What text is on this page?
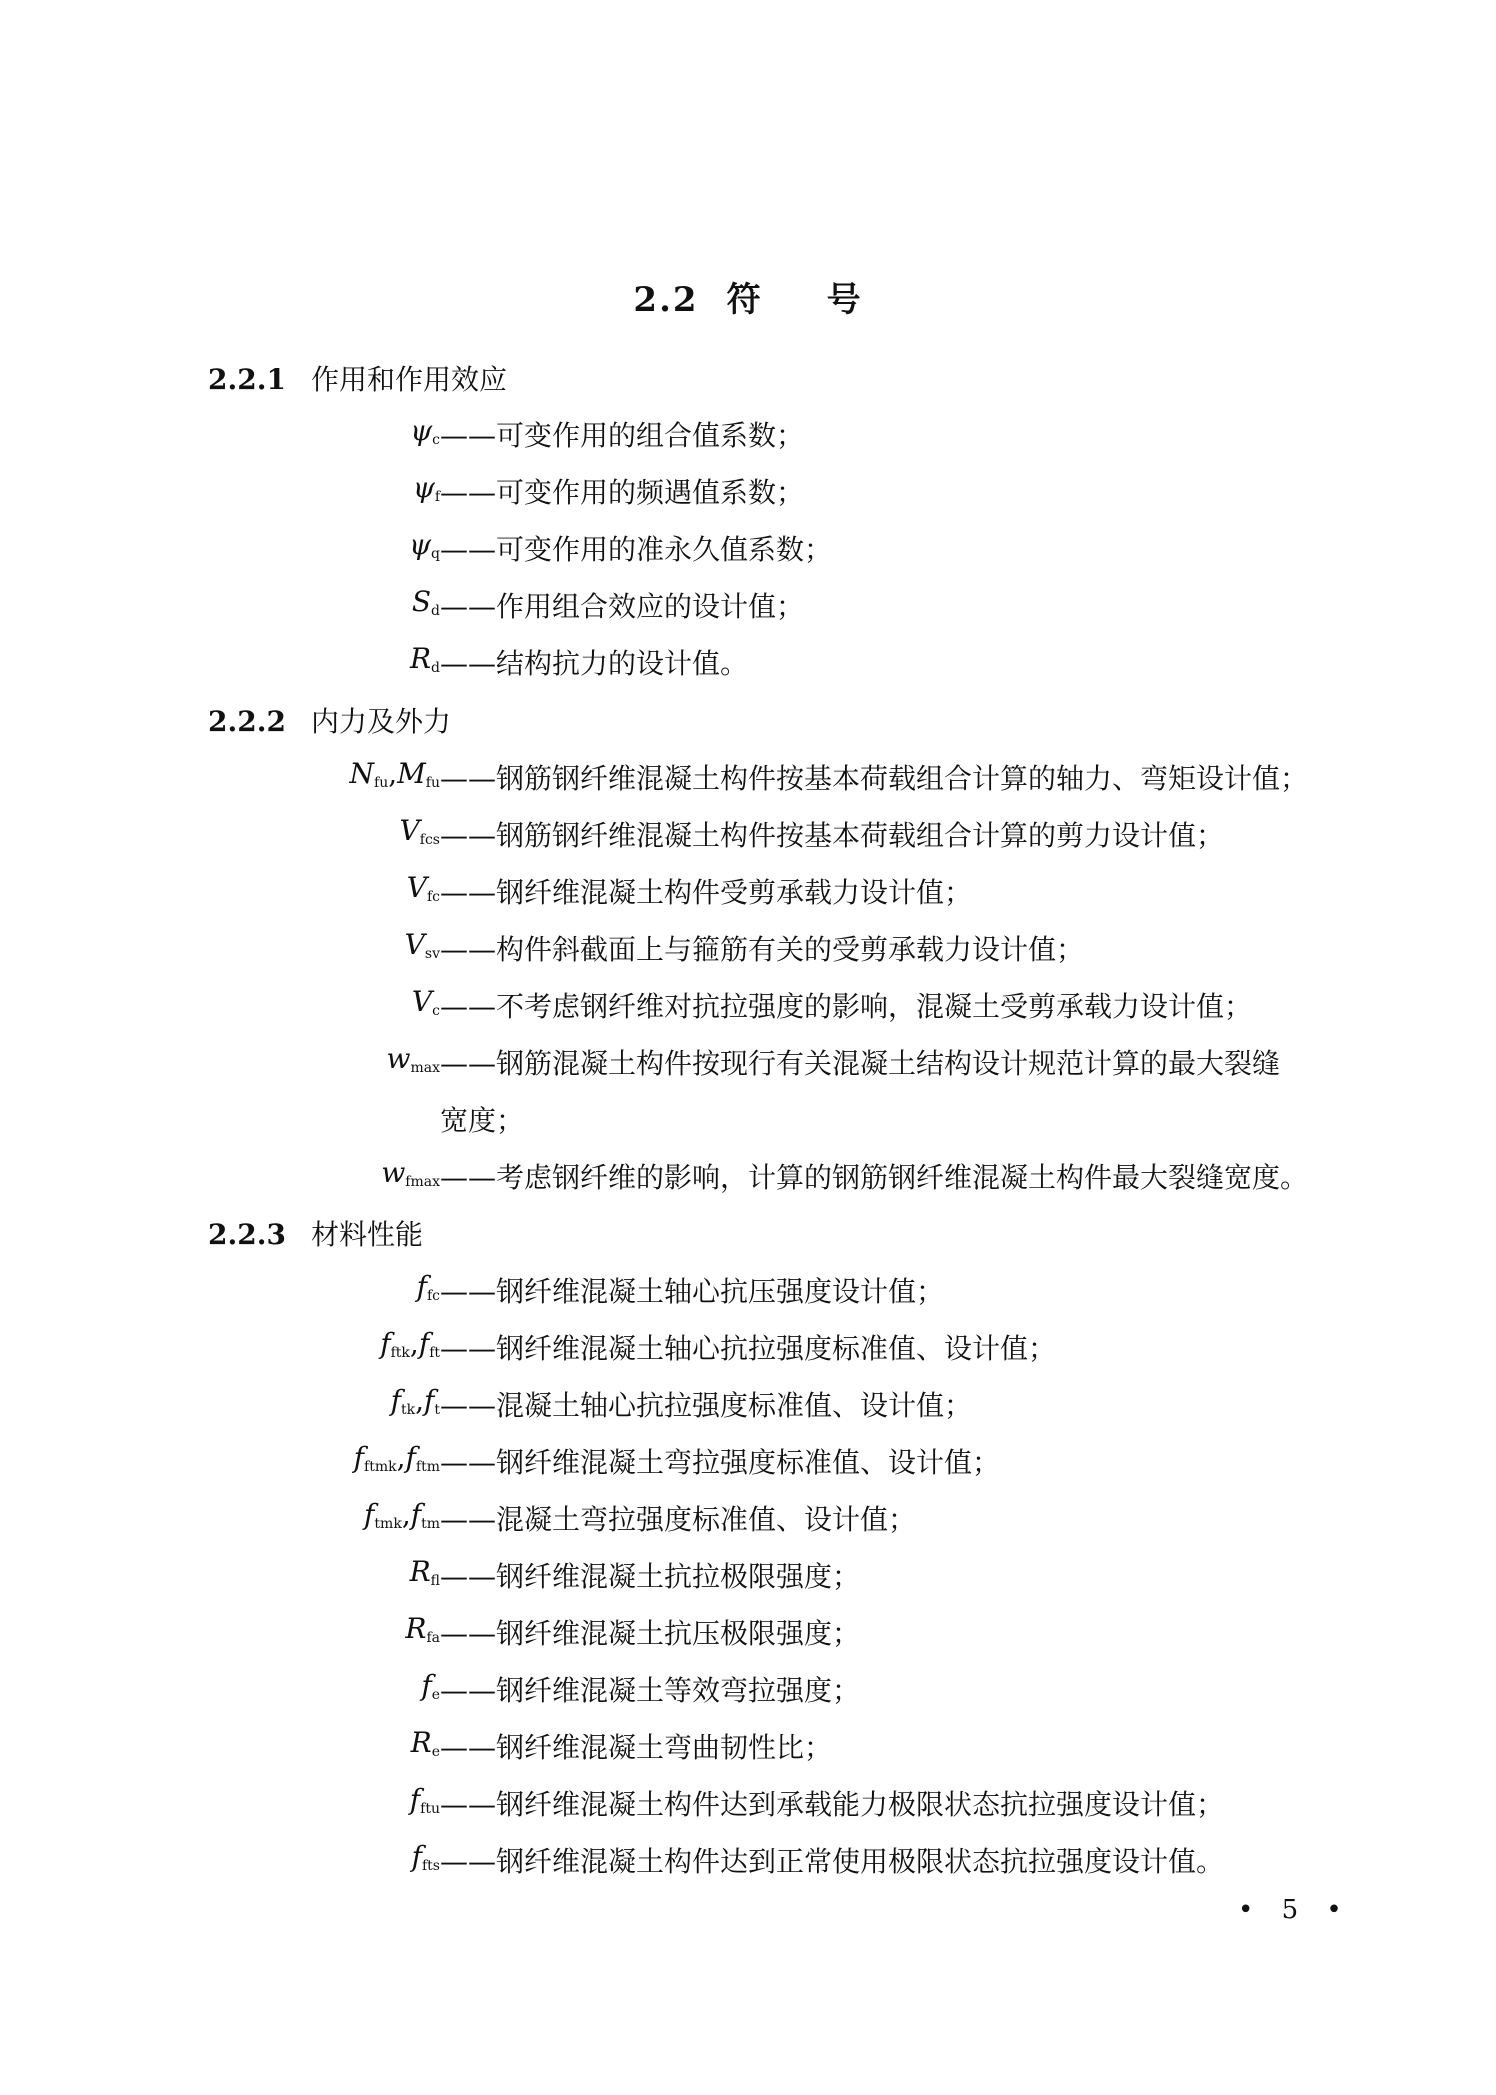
2.2 符 号
2.2.1 作用和作用效应
$\psi_c$ ——可变作用的组合值系数；
$\psi_f$ ——可变作用的频遇值系数；
$\psi_q$ ——可变作用的准永久值系数；
$S_d$ ——作用组合效应的设计值；
$R_d$ ——结构抗力的设计值。
2.2.2 内力及外力
$N_{fu},M_{fu}$ ——钢筋钢纤维混凝土构件按基本荷载组合计算的轴力、弯矩设计值；
$V_{fcs}$ ——钢筋钢纤维混凝土构件按基本荷载组合计算的剪力设计值；
$V_{fc}$ ——钢纤维混凝土构件受剪承载力设计值；
$V_{sv}$ ——构件斜截面上与箍筋有关的受剪承载力设计值；
$V_c$ ——不考虑钢纤维对抗拉强度的影响，混凝土受剪承载力设计值；
$w_{max}$ ——钢筋混凝土构件按现行有关混凝土结构设计规范计算的最大裂缝
宽度；
$w_{fmax}$ ——考虑钢纤维的影响，计算的钢筋钢纤维混凝土构件最大裂缝宽度。
2.2.3 材料性能
$f_{fc}$ ——钢纤维混凝土轴心抗压强度设计值；
$f_{ftk},f_{ft}$ ——钢纤维混凝土轴心抗拉强度标准值、设计值；
$f_{tk},f_t$ ——混凝土轴心抗拉强度标准值、设计值；
$f_{ftmk},f_{ftm}$ ——钢纤维混凝土弯拉强度标准值、设计值；
$f_{tmk},f_{tm}$ ——混凝土弯拉强度标准值、设计值；
$R_{fl}$ ——钢纤维混凝土抗拉极限强度；
$R_{fa}$ ——钢纤维混凝土抗压极限强度；
$f_e$ ——钢纤维混凝土等效弯拉强度；
$R_e$ ——钢纤维混凝土弯曲韧性比；
$f_{ftu}$ ——钢纤维混凝土构件达到承载能力极限状态抗拉强度设计值；
$f_{fts}$ ——钢纤维混凝土构件达到正常使用极限状态抗拉强度设计值。
• 5 •
